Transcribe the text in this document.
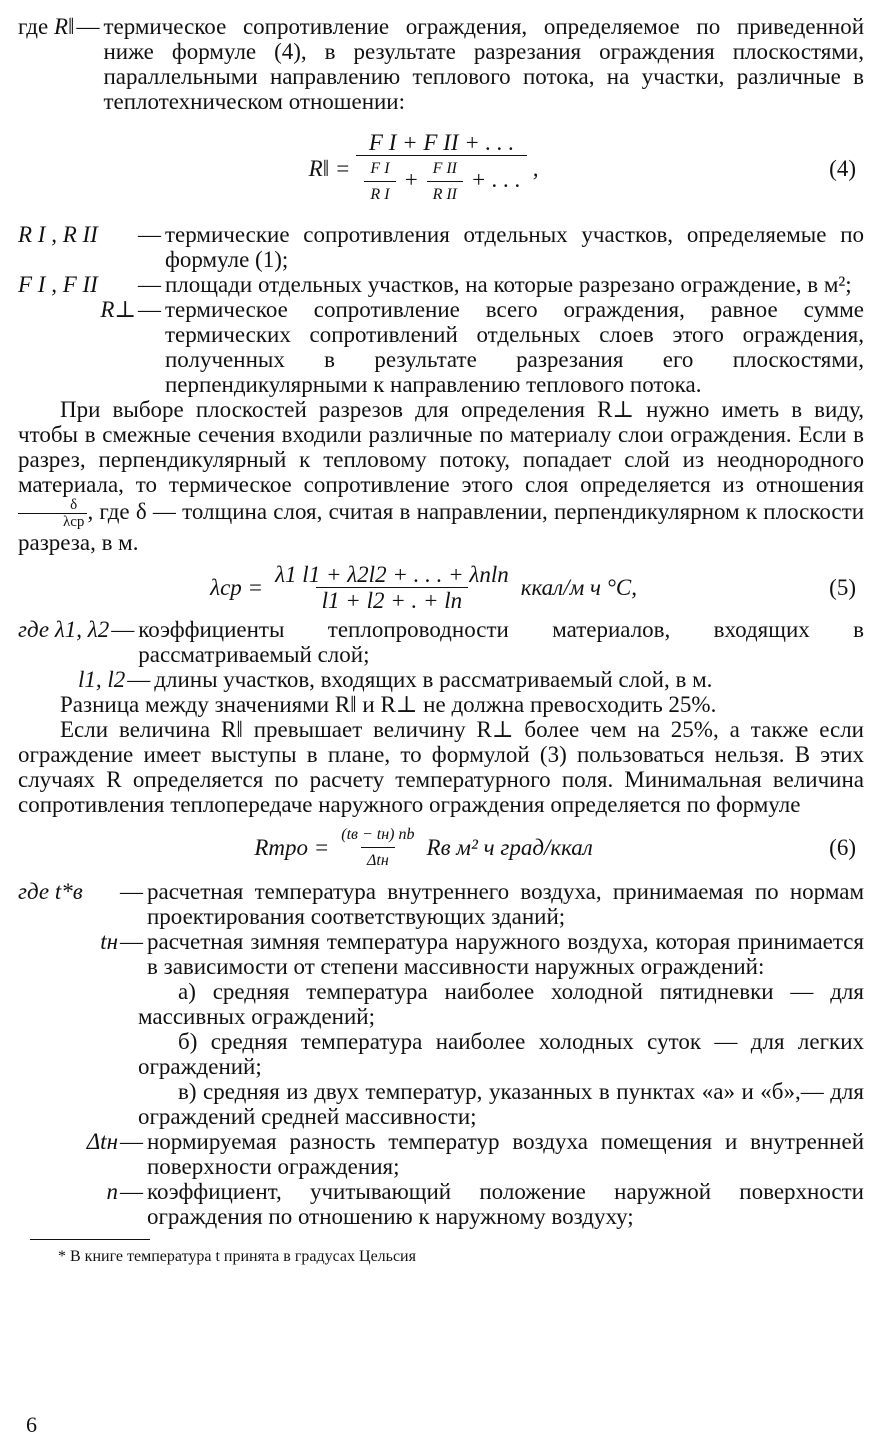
где R‖ — термическое сопротивление ограждения, определяемое по приведенной ниже формуле (4), в результате разрезания ограждения плоскостями, параллельными направлению теплового потока, на участки, различные в теплотехническом отношении:
R‖ =
F I + F II + . . .
$\frac{\text{F I}}{\text{R I}} + \frac{\text{F II}}{\text{R II}}$ + . . . ,	(4)
R I , R II	— термические сопротивления отдельных участков, определяемые по формуле (1);
F I , F II	— площади отдельных участков, на которые разрезано ограждение, в м²;
R⊥ — термическое сопротивление всего ограждения, равное сумме термических сопротивлений отдельных слоев этого ограждения, полученных в результате разрезания его плоскостями, перпендикулярными к направлению теплового потока.

При выборе плоскостей разрезов для определения R⊥ нужно иметь в виду, чтобы в смежные сечения входили различные по материалу слои ограждения. Если в разрез, перпендикулярный к тепловому потоку, попадает слой из неоднородного материала, то термическое сопротивление этого слоя определяется из отношения
δ
λср , где δ — толщина слоя, считая в направлении, перпендикулярном к плоскости разреза, в м.

$\lambda ср = \frac{\lambda 1 l1 + \lambda 2l2 + . . . + \lambda nln}{l1 + l2 + . + \ln}$ ккал/м ч °С,	(5)
где λ1, λ2 — коэффициенты теплопроводности материалов, входящих в рассматриваемый слой;
l1, l2 — длины участков, входящих в рассматриваемый слой, в м.

Разница между значениями R‖ и R⊥ не должна превосходить 25%.

Если величина R‖ превышает величину R⊥ более чем на 25%, а также если ограждение имеет выступы в плане, то формулой (3) пользоваться нельзя. В этих случаях R определяется по расчету температурного поля. Минимальная величина сопротивления теплопередаче наружного ограждения определяется по формуле

Rтро = $\frac{(tв - tн) nb}{\text{Δtн}}$ Rв м² ч град/ккал	(6)
где t*в	— расчетная температура внутреннего воздуха, принимаемая по нормам проектирования соответствующих зданий;
tн — расчетная зимняя температура наружного воздуха, которая принимается в зависимости от степени массивности наружных ограждений:
а) средняя температура наиболее холодной пятидневки — для массивных ограждений;
б) средняя температура наиболее холодных суток — для легких ограждений;
в) средняя из двух температур, указанных в пунктах «а» и «б»,— для ограждений средней массивности;
Δtн — нормируемая разность температур воздуха помещения и внутренней поверхности ограждения;
n — коэффициент, учитывающий положение наружной поверхности ограждения по отношению к наружному воздуху;
* В книге температура t принята в градусах Цельсия
6
